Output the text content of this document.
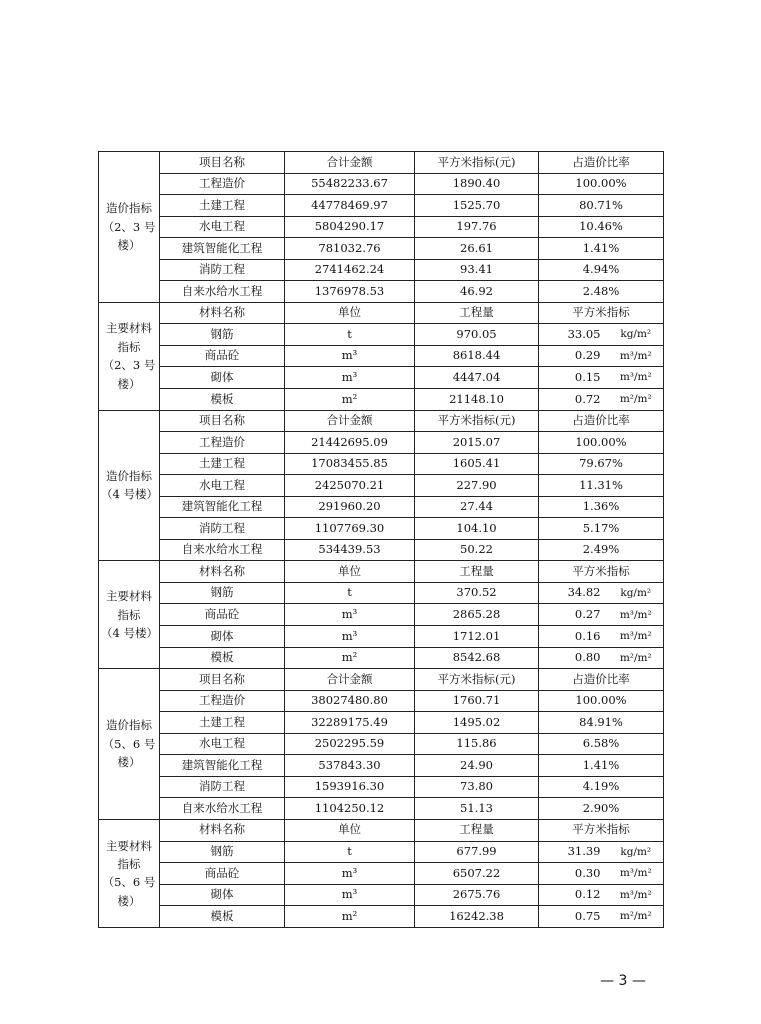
造价指标
（2、3 号楼）	项目名称	合计金额	平方米指标(元)	占造价比率	
	工程造价	55482233.67	1890.40	100.00%	
	土建工程	44778469.97	1525.70	80.71%	
	水电工程	5804290.17	197.76	10.46%	
	建筑智能化工程	781032.76	26.61	1.41%	
	消防工程	2741462.24	93.41	4.94%	
	自来水给水工程	1376978.53	46.92	2.48%	

主要材料
指标
（2、3 号楼）	材料名称	单位	工程量	平方米指标	
	钢筋	t	970.05	33.05	kg/m²
	商品砼	m³	8618.44	0.29	m³/m²
	砌体	m³	4447.04	0.15	m³/m²
	模板	m²	21148.10	0.72	m²/m²

造价指标
（4 号楼）	项目名称	合计金额	平方米指标(元)	占造价比率	
	工程造价	21442695.09	2015.07	100.00%	
	土建工程	17083455.85	1605.41	79.67%	
	水电工程	2425070.21	227.90	11.31%	
	建筑智能化工程	291960.20	27.44	1.36%	
	消防工程	1107769.30	104.10	5.17%	
	自来水给水工程	534439.53	50.22	2.49%	

主要材料
指标
（4 号楼）	材料名称	单位	工程量	平方米指标	
	钢筋	t	370.52	34.82	kg/m²
	商品砼	m³	2865.28	0.27	m³/m²
	砌体	m³	1712.01	0.16	m³/m²
	模板	m²	8542.68	0.80	m²/m²

造价指标
（5、6 号楼）	项目名称	合计金额	平方米指标(元)	占造价比率	
	工程造价	38027480.80	1760.71	100.00%	
	土建工程	32289175.49	1495.02	84.91%	
	水电工程	2502295.59	115.86	6.58%	
	建筑智能化工程	537843.30	24.90	1.41%	
	消防工程	1593916.30	73.80	4.19%	
	自来水给水工程	1104250.12	51.13	2.90%	

主要材料
指标
（5、6 号楼）	材料名称	单位	工程量	平方米指标	
	钢筋	t	677.99	31.39	kg/m²
	商品砼	m³	6507.22	0.30	m³/m²
	砌体	m³	2675.76	0.12	m³/m²
	模板	m²	16242.38	0.75	m²/m²
— 3 —
